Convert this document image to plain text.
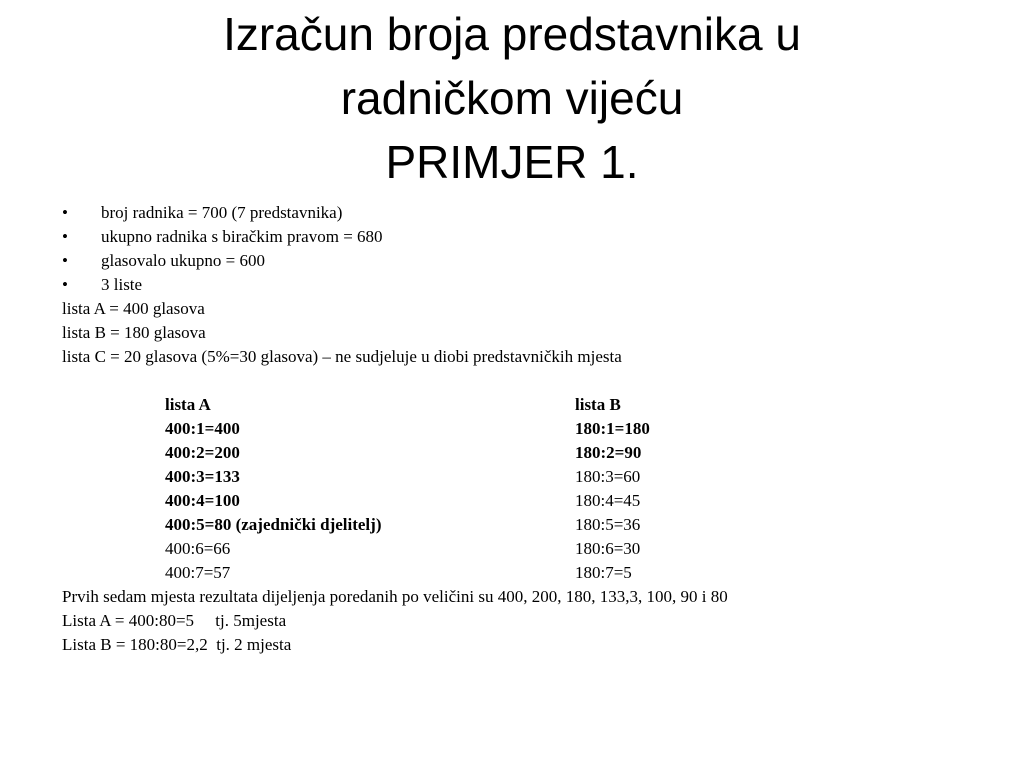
Izračun broja predstavnika u
radničkom vijeću
PRIMJER 1.
• broj radnika = 700 (7 predstavnika)
• ukupno radnika s biračkim pravom = 680
• glasovalo ukupno = 600
• 3 liste
lista A = 400 glasova
lista B = 180 glasova
lista C = 20 glasova (5%=30 glasova) – ne sudjeluje u diobi predstavničkih mjesta
lista A
400:1=400
400:2=200
400:3=133
400:4=100
400:5=80 (zajednički djelitelj)
400:6=66
400:7=57
lista B
180:1=180
180:2=90
180:3=60
180:4=45
180:5=36
180:6=30
180:7=5
Prvih sedam mjesta rezultata dijeljenja poredanih po veličini su 400, 200, 180, 133,3, 100, 90 i 80
Lista A = 400:80=5     tj. 5mjesta
Lista B = 180:80=2,2  tj. 2 mjesta
